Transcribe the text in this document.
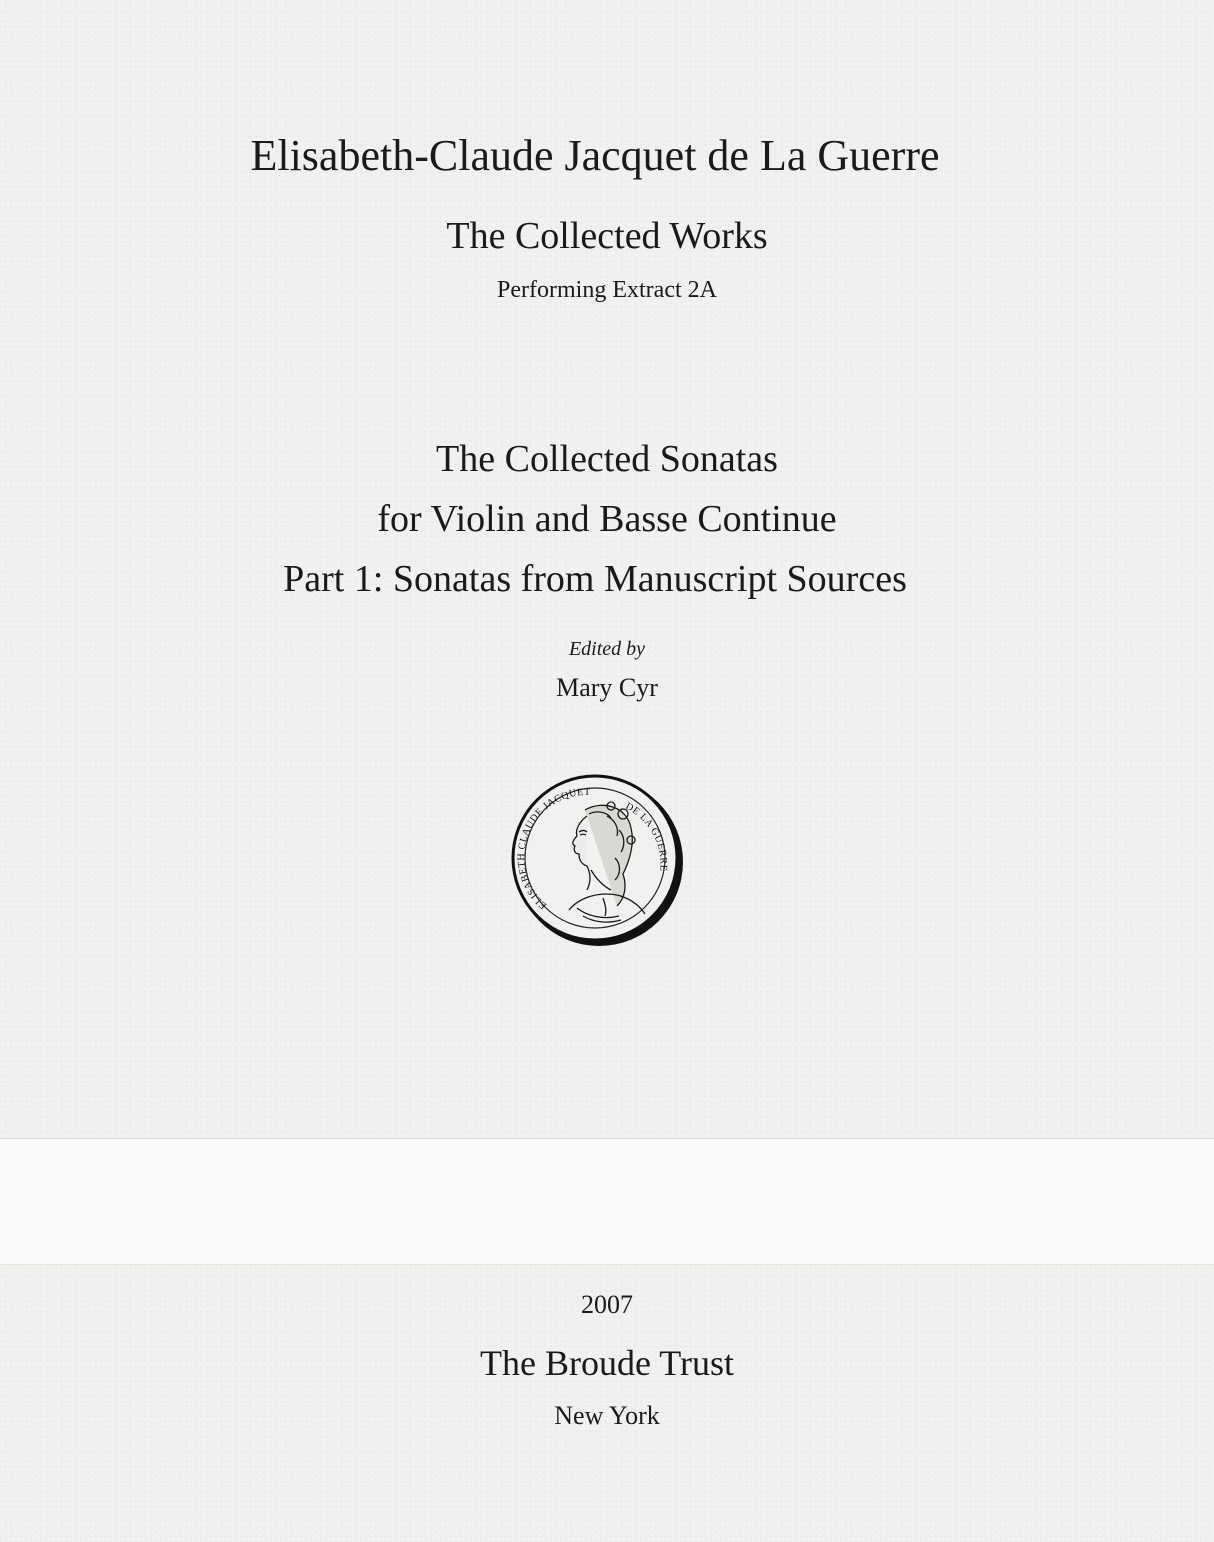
Elisabeth-Claude Jacquet de La Guerre
The Collected Works
Performing Extract 2A
The Collected Sonatas
for Violin and Basse Continue
Part 1: Sonatas from Manuscript Sources
Edited by
Mary Cyr
ELISABETH CLAUDE JACQUET
DE LA GUERRE
2007
The Broude Trust
New York
